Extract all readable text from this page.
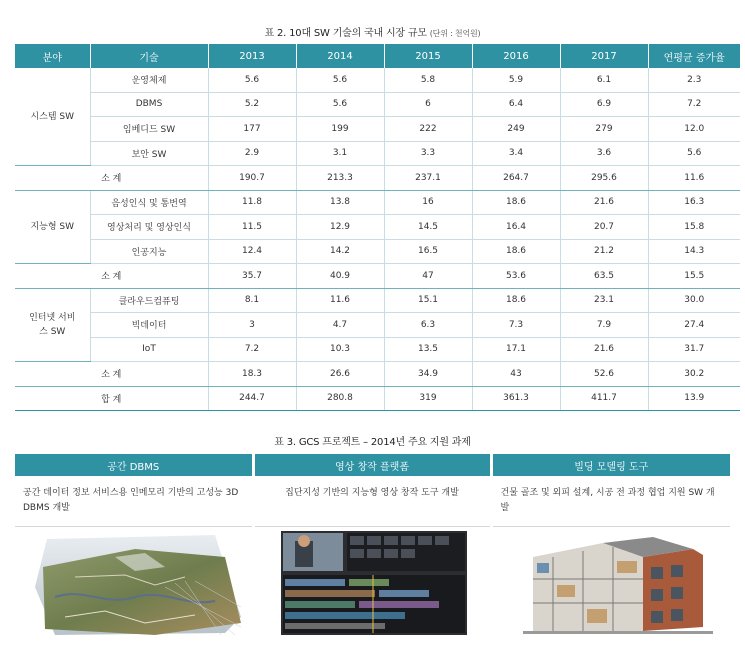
표 2. 10대 SW 기술의 국내 시장 규모 (단위 : 천억원)
분야	기술	2013	2014	2015	2016	2017	연평균 증가율
시스템 SW	운영체제	5.6	5.6	5.8	5.9	6.1	2.3
	DBMS	5.2	5.6	6	6.4	6.9	7.2
	임베디드 SW	177	199	222	249	279	12.0
	보안 SW	2.9	3.1	3.3	3.4	3.6	5.6
소 계		190.7	213.3	237.1	264.7	295.6	11.6
지능형 SW	음성인식 및 통번역	11.8	13.8	16	18.6	21.6	16.3
	영상처리 및 영상인식	11.5	12.9	14.5	16.4	20.7	15.8
	인공지능	12.4	14.2	16.5	18.6	21.2	14.3
소 계		35.7	40.9	47	53.6	63.5	15.5
인터넷 서비스 SW	클라우드컴퓨팅	8.1	11.6	15.1	18.6	23.1	30.0
	빅데이터	3	4.7	6.3	7.3	7.9	27.4
	IoT	7.2	10.3	13.5	17.1	21.6	31.7
소 계		18.3	26.6	34.9	43	52.6	30.2
합 계		244.7	280.8	319	361.3	411.7	13.9
표 3. GCS 프로젝트 – 2014년 주요 지원 과제
공간 DBMS	영상 창작 플랫폼	빌딩 모델링 도구

공간 데이터 정보 서비스용 인메모리 기반의 고성능 3D DBMS 개발	집단지성 기반의 지능형 영상 창작 도구 개발	건물 골조 및 외피 설계, 시공 전 과정 협업 지원 SW 개발
